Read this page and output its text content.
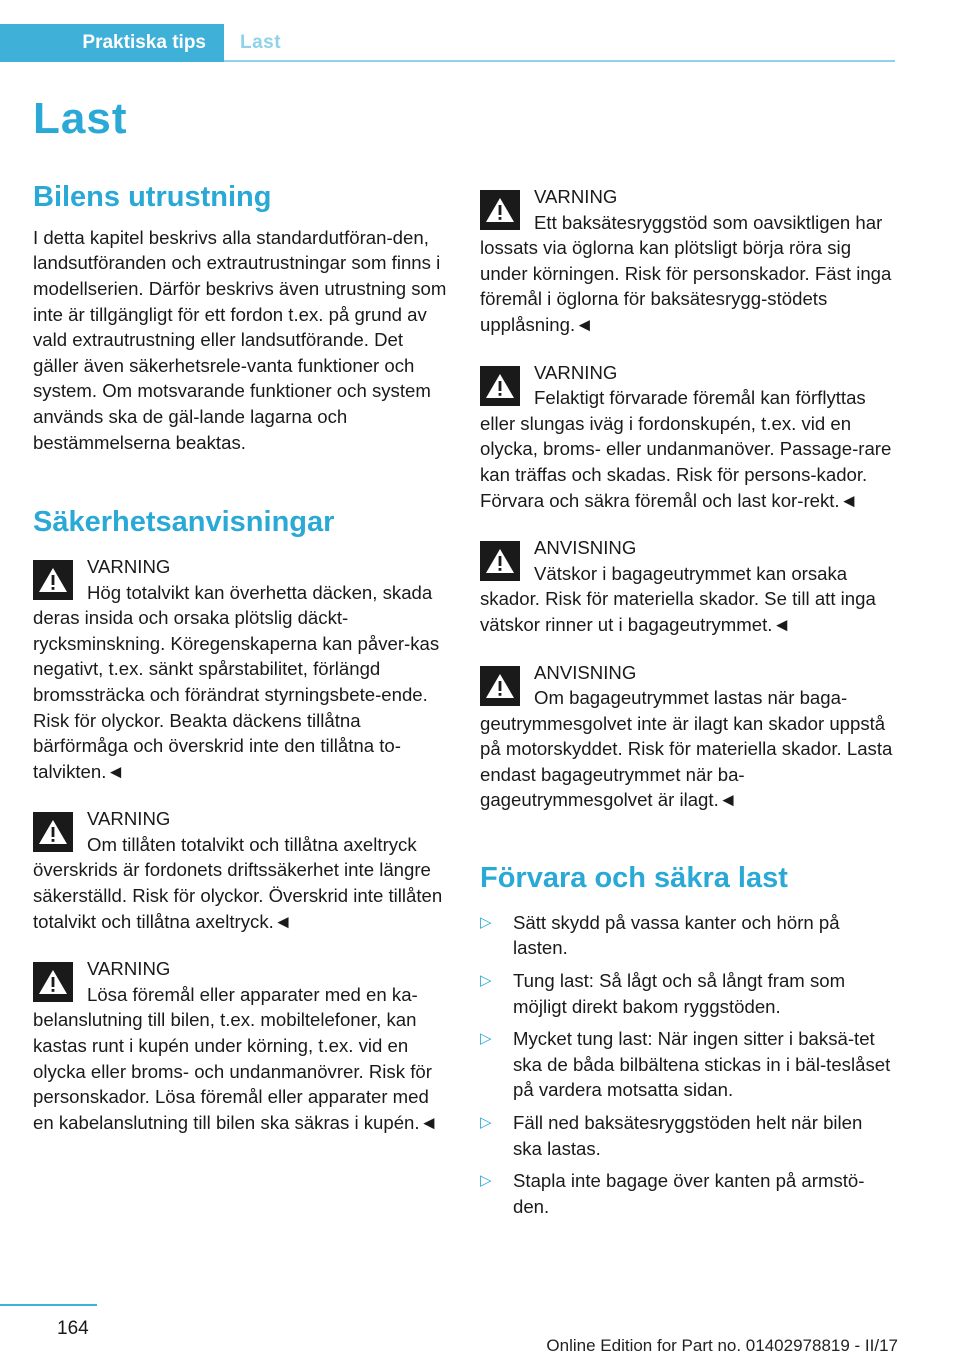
Praktiska tips	Last
Last
Bilens utrustning

I detta kapitel beskrivs alla standardutföran-den, landsutföranden och extrautrustningar som finns i modellserien. Därför beskrivs även utrustning som inte är tillgängligt för ett fordon t.ex. på grund av vald extrautrustning eller landsutförande. Det gäller även säkerhetsrele-vanta funktioner och system. Om motsvarande funktioner och system används ska de gäl-lande lagarna och bestämmelserna beaktas.

Säkerhetsanvisningar
VARNING
Hög totalvikt kan överhetta däcken, skada deras insida och orsaka plötslig däckt-rycksminskning. Köregenskaperna kan påver-kas negativt, t.ex. sänkt spårstabilitet, förlängd bromssträcka och förändrat styrningsbete-ende. Risk för olyckor. Beakta däckens tillåtna bärförmåga och överskrid inte den tillåtna to-talvikten.◄
VARNING
Om tillåten totalvikt och tillåtna axeltryck överskrids är fordonets driftssäkerhet inte längre säkerställd. Risk för olyckor. Överskrid inte tillåten totalvikt och tillåtna axeltryck.◄
VARNING
Lösa föremål eller apparater med en ka-belanslutning till bilen, t.ex. mobiltelefoner, kan kastas runt i kupén under körning, t.ex. vid en olycka eller broms- och undanmanövrer. Risk för personskador. Lösa föremål eller apparater med en kabelanslutning till bilen ska säkras i kupén.◄
VARNING
Ett baksätesryggstöd som oavsiktligen har lossats via öglorna kan plötsligt börja röra sig under körningen. Risk för personskador. Fäst inga föremål i öglorna för baksätesrygg-stödets upplåsning.◄
VARNING
Felaktigt förvarade föremål kan förflyttas eller slungas iväg i fordonskupén, t.ex. vid en olycka, broms- eller undanmanöver. Passage-rare kan träffas och skadas. Risk för persons-kador. Förvara och säkra föremål och last kor-rekt.◄
ANVISNING
Vätskor i bagageutrymmet kan orsaka skador. Risk för materiella skador. Se till att inga vätskor rinner ut i bagageutrymmet.◄
ANVISNING
Om bagageutrymmet lastas när baga-geutrymmesgolvet inte är ilagt kan skador uppstå på motorskyddet. Risk för materiella skador. Lasta endast bagageutrymmet när ba-gageutrymmesgolvet är ilagt.◄
Förvara och säkra last
▷ Sätt skydd på vassa kanter och hörn på lasten.
▷ Tung last: Så lågt och så långt fram som möjligt direkt bakom ryggstöden.
▷ Mycket tung last: När ingen sitter i baksä-tet ska de båda bilbältena stickas in i bäl-teslåset på vardera motsatta sidan.
▷ Fäll ned baksätesryggstöden helt när bilen ska lastas.
▷ Stapla inte bagage över kanten på armstö-den.
164
Online Edition for Part no. 01402978819 - II/17
